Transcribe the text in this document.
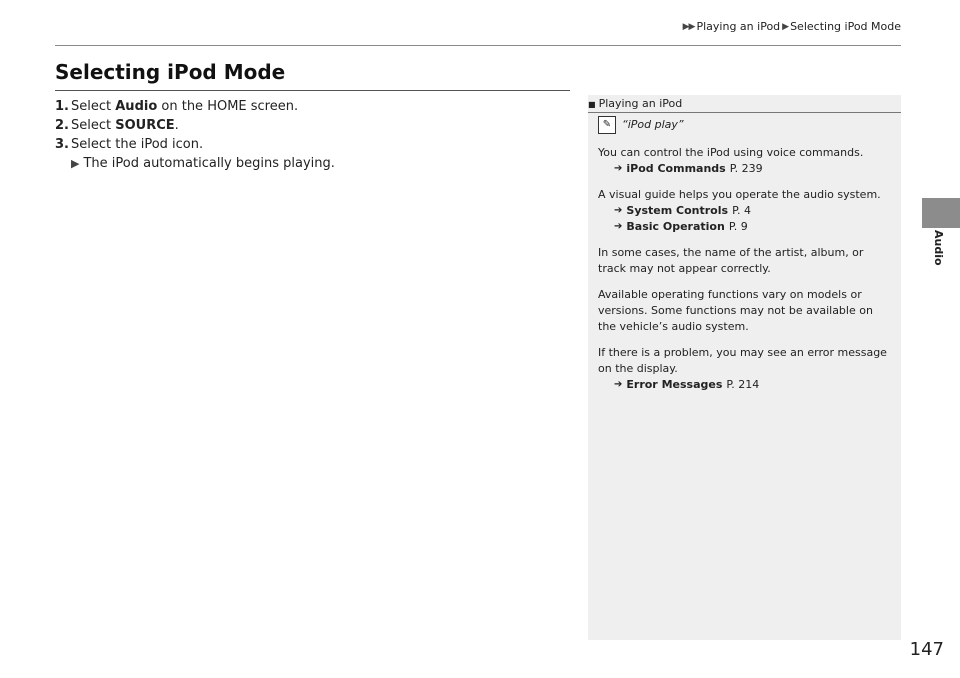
▶▶ Playing an iPod ▶ Selecting iPod Mode
Audio
Selecting iPod Mode
1. Select Audio on the HOME screen.
2. Select SOURCE.
3. Select the iPod icon.
▶ The iPod automatically begins playing.
■ Playing an iPod
✎ “iPod play”
You can control the iPod using voice commands.
➔ iPod Commands P. 239
A visual guide helps you operate the audio system.
➔ System Controls P. 4
➔ Basic Operation P. 9
In some cases, the name of the artist, album, or track may not appear correctly.
Available operating functions vary on models or versions. Some functions may not be available on the vehicle’s audio system.
If there is a problem, you may see an error message on the display.
➔ Error Messages P. 214
147
